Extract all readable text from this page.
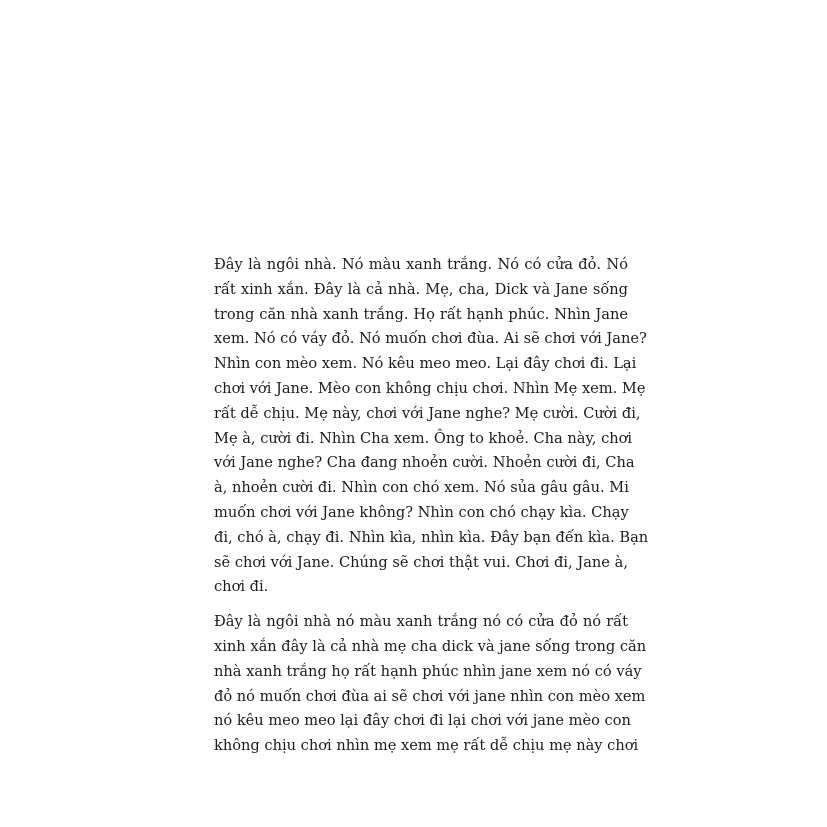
Đây là ngôi nhà. Nó màu xanh trắng. Nó có cửa đỏ. Nó
rất xinh xắn. Đây là cả nhà. Mẹ, cha, Dick và Jane sống
trong căn nhà xanh trắng. Họ rất hạnh phúc. Nhìn Jane
xem. Nó có váy đỏ. Nó muốn chơi đùa. Ai sẽ chơi với Jane?
Nhìn con mèo xem. Nó kêu meo meo. Lại đây chơi đi. Lại
chơi với Jane. Mèo con không chịu chơi. Nhìn Mẹ xem. Mẹ
rất dễ chịu. Mẹ này, chơi với Jane nghe? Mẹ cười. Cười đi,
Mẹ à, cười đi. Nhìn Cha xem. Ông to khoẻ. Cha này, chơi
với Jane nghe? Cha đang nhoẻn cười. Nhoẻn cười đi, Cha
à, nhoẻn cười đi. Nhìn con chó xem. Nó sủa gâu gâu. Mi
muốn chơi với Jane không? Nhìn con chó chạy kìa. Chạy
đi, chó à, chạy đi. Nhìn kìa, nhìn kìa. Đây bạn đến kìa. Bạn
sẽ chơi với Jane. Chúng sẽ chơi thật vui. Chơi đi, Jane à,
chơi đi.

Đây là ngôi nhà nó màu xanh trắng nó có cửa đỏ nó rất
xinh xắn đây là cả nhà mẹ cha dick và jane sống trong căn
nhà xanh trắng họ rất hạnh phúc nhìn jane xem nó có váy
đỏ nó muốn chơi đùa ai sẽ chơi với jane nhìn con mèo xem
nó kêu meo meo lại đây chơi đi lại chơi với jane mèo con
không chịu chơi nhìn mẹ xem mẹ rất dễ chịu mẹ này chơi
